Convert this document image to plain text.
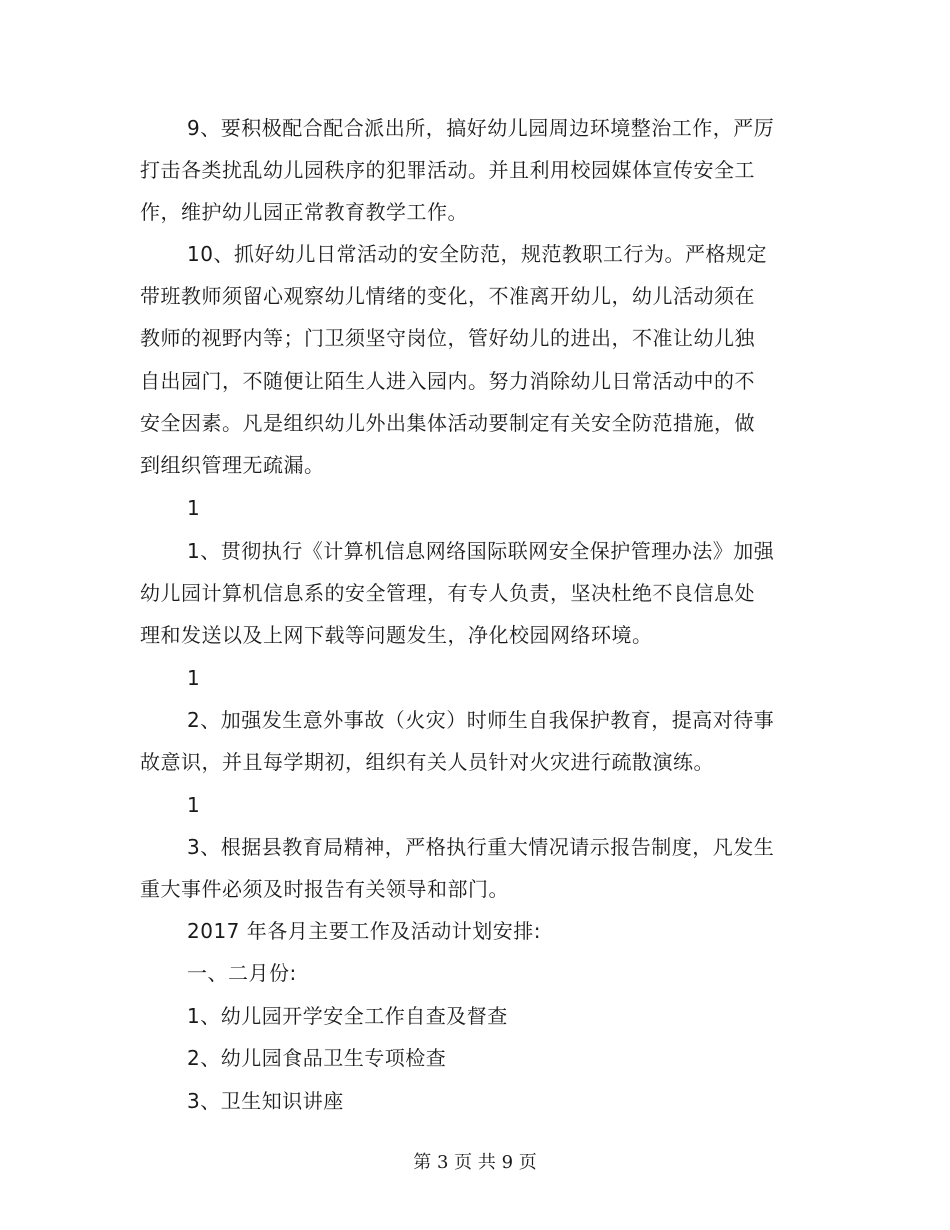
9、要积极配合配合派出所，搞好幼儿园周边环境整治工作，严厉
打击各类扰乱幼儿园秩序的犯罪活动。并且利用校园媒体宣传安全工
作，维护幼儿园正常教育教学工作。
10、抓好幼儿日常活动的安全防范，规范教职工行为。严格规定
带班教师须留心观察幼儿情绪的变化，不准离开幼儿，幼儿活动须在
教师的视野内等；门卫须坚守岗位，管好幼儿的进出，不准让幼儿独
自出园门，不随便让陌生人进入园内。努力消除幼儿日常活动中的不
安全因素。凡是组织幼儿外出集体活动要制定有关安全防范措施，做
到组织管理无疏漏。
1
1、贯彻执行《计算机信息网络国际联网安全保护管理办法》加强
幼儿园计算机信息系的安全管理，有专人负责，坚决杜绝不良信息处
理和发送以及上网下载等问题发生，净化校园网络环境。
1
2、加强发生意外事故（火灾）时师生自我保护教育，提高对待事
故意识，并且每学期初，组织有关人员针对火灾进行疏散演练。
1
3、根据县教育局精神，严格执行重大情况请示报告制度，凡发生
重大事件必须及时报告有关领导和部门。
2017 年各月主要工作及活动计划安排:
一、二月份:
1、幼儿园开学安全工作自查及督查
2、幼儿园食品卫生专项检查
3、卫生知识讲座
第 3 页 共 9 页
